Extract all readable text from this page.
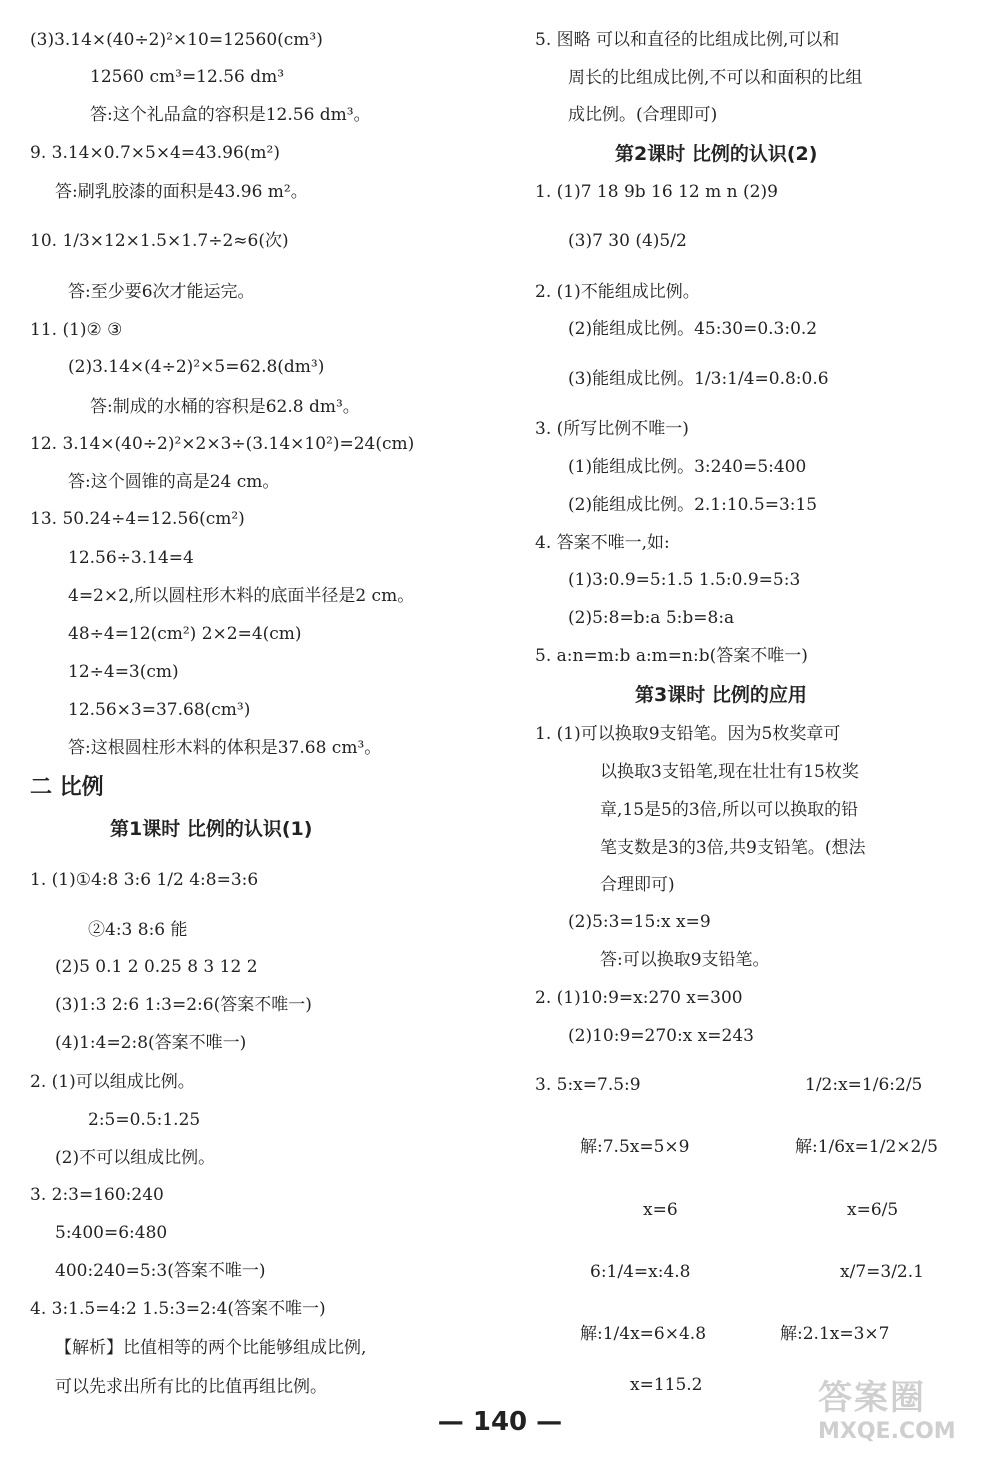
(3)3.14×(40÷2)²×10=12560(cm³)
12560 cm³=12.56 dm³
答:这个礼品盒的容积是12.56 dm³。
9. 3.14×0.7×5×4=43.96(m²)
答:刷乳胶漆的面积是43.96 m²。
10. 1/3×12×1.5×1.7÷2≈6(次)
答:至少要6次才能运完。
11. (1)② ③
(2)3.14×(4÷2)²×5=62.8(dm³)
答:制成的水桶的容积是62.8 dm³。
12. 3.14×(40÷2)²×2×3÷(3.14×10²)=24(cm)
答:这个圆锥的高是24 cm。
13. 50.24÷4=12.56(cm²)
12.56÷3.14=4
4=2×2,所以圆柱形木料的底面半径是2 cm。
48÷4=12(cm²) 2×2=4(cm)
12÷4=3(cm)
12.56×3=37.68(cm³)
答:这根圆柱形木料的体积是37.68 cm³。
二 比例
第1课时 比例的认识(1)
1. (1)①4:8 3:6 1/2 4:8=3:6
②4:3 8:6 能
(2)5 0.1 2 0.25 8 3 12 2
(3)1:3 2:6 1:3=2:6(答案不唯一)
(4)1:4=2:8(答案不唯一)
2. (1)可以组成比例。
2:5=0.5:1.25
(2)不可以组成比例。
3. 2:3=160:240
5:400=6:480
400:240=5:3(答案不唯一)
4. 3:1.5=4:2 1.5:3=2:4(答案不唯一)
【解析】比值相等的两个比能够组成比例,
可以先求出所有比的比值再组比例。
5. 图略 可以和直径的比组成比例,可以和
周长的比组成比例,不可以和面积的比组
成比例。(合理即可)
第2课时 比例的认识(2)
1. (1)7 18 9b 16 12 m n (2)9
(3)7 30 (4)5/2
2. (1)不能组成比例。
(2)能组成比例。45:30=0.3:0.2
(3)能组成比例。1/3:1/4=0.8:0.6
3. (所写比例不唯一)
(1)能组成比例。3:240=5:400
(2)能组成比例。2.1:10.5=3:15
4. 答案不唯一,如:
(1)3:0.9=5:1.5 1.5:0.9=5:3
(2)5:8=b:a 5:b=8:a
5. a:n=m:b a:m=n:b(答案不唯一)
第3课时 比例的应用
1. (1)可以换取9支铅笔。因为5枚奖章可
以换取3支铅笔,现在壮壮有15枚奖
章,15是5的3倍,所以可以换取的铅
笔支数是3的3倍,共9支铅笔。(想法
合理即可)
(2)5:3=15:x x=9
答:可以换取9支铅笔。
2. (1)10:9=x:270 x=300
(2)10:9=270:x x=243
3. 5:x=7.5:9	1/2:x=1/6:2/5
解:7.5x=5×9	解:1/6x=1/2×2/5
x=6	x=6/5
6:1/4=x:4.8	x/7=3/2.1
解:1/4x=6×4.8	解:2.1x=3×7
x=115.2
— 140 —
答案圈
MXQE.COM
